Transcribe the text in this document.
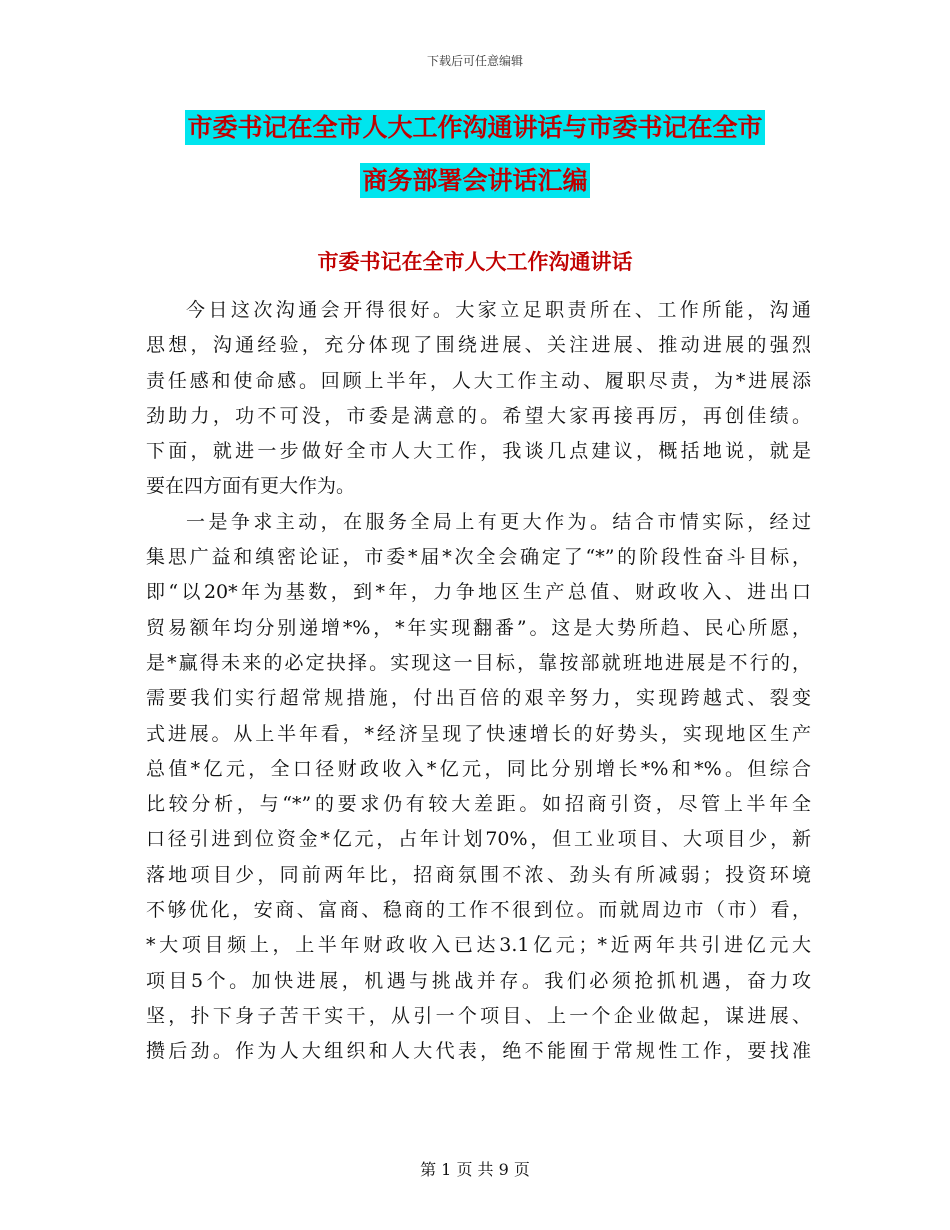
下载后可任意编辑
市委书记在全市人大工作沟通讲话与市委书记在全市
商务部署会讲话汇编
市委书记在全市人大工作沟通讲话
今日这次沟通会开得很好。大家立足职责所在、工作所能，沟通
思想，沟通经验，充分体现了围绕进展、关注进展、推动进展的强烈
责任感和使命感。回顾上半年，人大工作主动、履职尽责，为*进展添
劲助力，功不可没，市委是满意的。希望大家再接再厉，再创佳绩。
下面，就进一步做好全市人大工作，我谈几点建议，概括地说，就是
要在四方面有更大作为。
一是争求主动，在服务全局上有更大作为。结合市情实际，经过
集思广益和缜密论证，市委*届*次全会确定了“*”的阶段性奋斗目标，
即“以20*年为基数，到*年，力争地区生产总值、财政收入、进出口
贸易额年均分别递增*%，*年实现翻番”。这是大势所趋、民心所愿，
是*赢得未来的必定抉择。实现这一目标，靠按部就班地进展是不行的，
需要我们实行超常规措施，付出百倍的艰辛努力，实现跨越式、裂变
式进展。从上半年看，*经济呈现了快速增长的好势头，实现地区生产
总值*亿元，全口径财政收入*亿元，同比分别增长*%和*%。但综合
比较分析，与“*”的要求仍有较大差距。如招商引资，尽管上半年全
口径引进到位资金*亿元，占年计划70%，但工业项目、大项目少，新
落地项目少，同前两年比，招商氛围不浓、劲头有所减弱；投资环境
不够优化，安商、富商、稳商的工作不很到位。而就周边市（市）看，
*大项目频上，上半年财政收入已达3.1亿元；*近两年共引进亿元大
项目5个。加快进展，机遇与挑战并存。我们必须抢抓机遇，奋力攻
坚，扑下身子苦干实干，从引一个项目、上一个企业做起，谋进展、
攒后劲。作为人大组织和人大代表，绝不能囿于常规性工作，要找准
第 1 页 共 9 页
